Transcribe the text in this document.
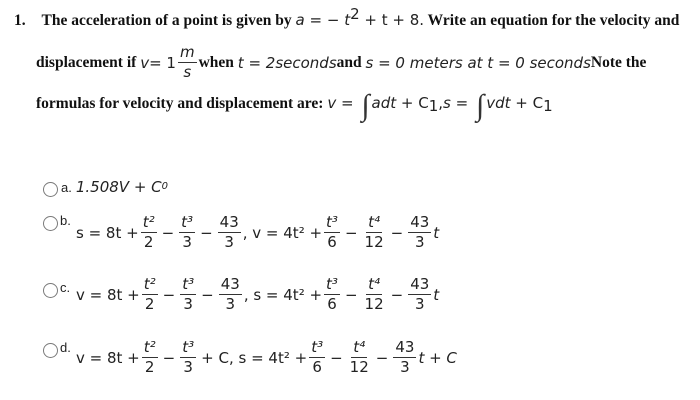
1. The acceleration of a point is given by a = − $t^2 + t + 8$. Write an equation for the velocity and
displacement if
$v = 1 \frac{m}{s}$ when
t = 2seconds and
s = 0 meters at t = 0 seconds Note the
formulas for velocity and displacement are: v = ∫ adt + $C_1,s$ = ∫ vdt + $C_1$
a. 1.508V + C 0
b.
$s = 8t + \frac{\text{t²}}{2} - \frac{\text{t³}}{3} - \frac{43}{3}$ , $v = 4t^2 + \frac{\text{t³}}{6} - \frac{\text{t⁴}}{12} - \frac{43}{3}$ t
c. $v = 8t + \frac{\text{t²}}{2} - \frac{\text{t³}}{3} - \frac{43}{3}$ , $s = 4t^2 + \frac{\text{t³}}{6} - \frac{\text{t⁴}}{12} - \frac{43}{3}$ t
d.
$v = 8t + \frac{\text{t²}}{2} - \frac{\text{t³}}{3} + C$, $s = 4t^2 + \frac{\text{t³}}{6} - \frac{\text{t⁴}}{12} - \frac{43}{3}$ t + C
